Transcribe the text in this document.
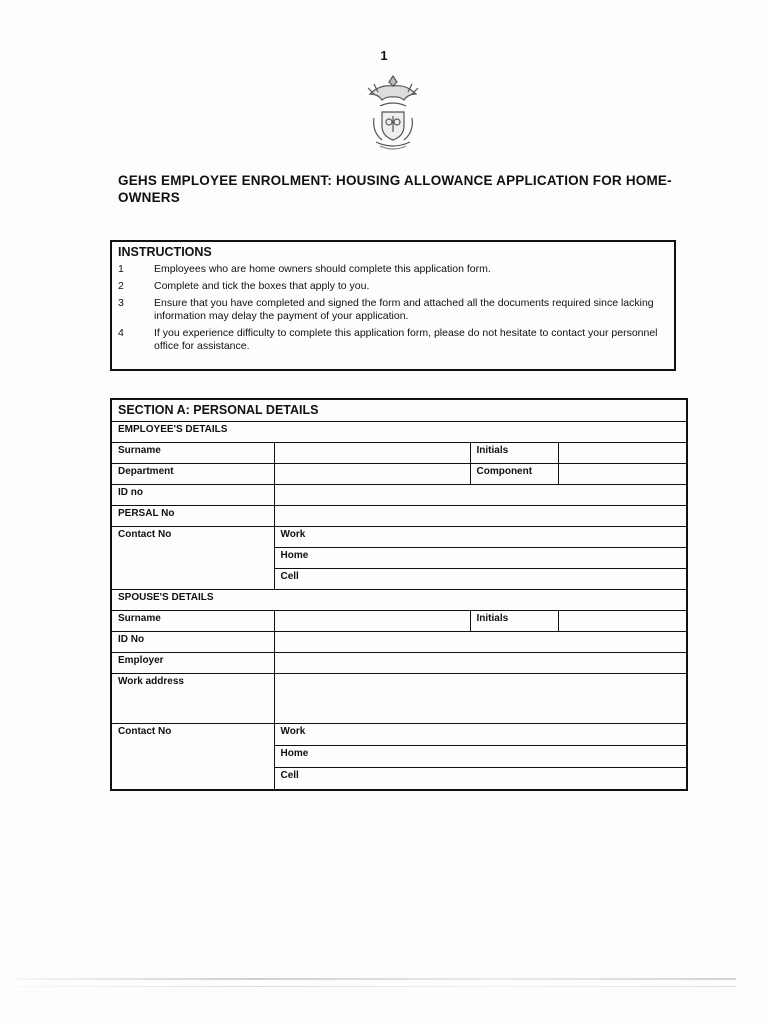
1
GEHS EMPLOYEE ENROLMENT: HOUSING ALLOWANCE APPLICATION FOR HOME-OWNERS
INSTRUCTIONS
1	Employees who are home owners should complete this application form.
2	Complete and tick the boxes that apply to you.
3	Ensure that you have completed and signed the form and attached all the documents required since lacking information may delay the payment of your application.
4	If you experience difficulty to complete this application form, please do not hesitate to contact your personnel office for assistance.
SECTION A: PERSONAL DETAILS			
EMPLOYEE'S DETAILS			
Surname		Initials	
Department		Component	
ID no			
PERSAL No			
Contact No	Work		
	Home		
	Cell		
SPOUSE'S DETAILS			
Surname		Initials	
ID No			
Employer			
Work address			
Contact No	Work		
	Home		
	Cell		
